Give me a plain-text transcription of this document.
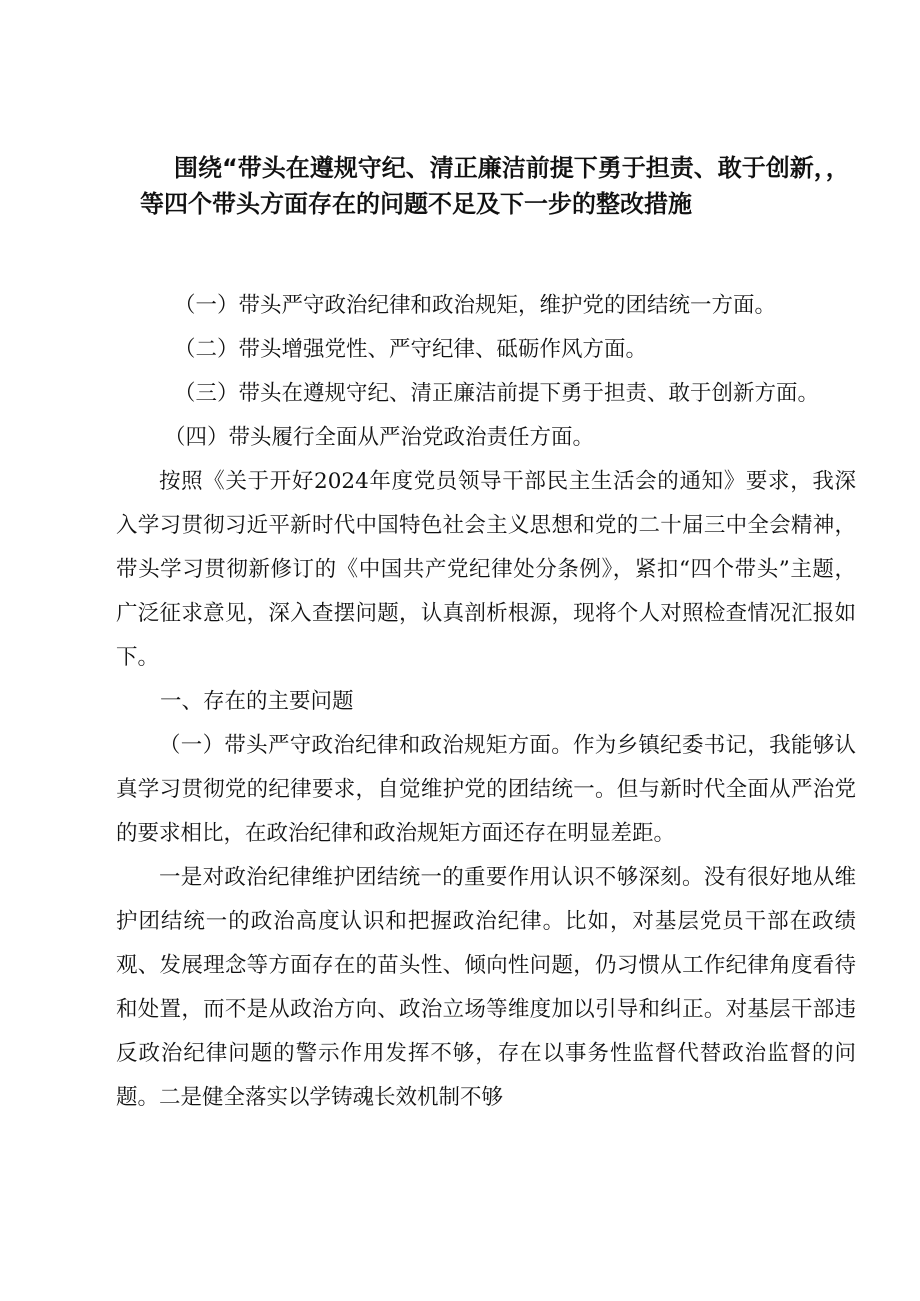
围绕“带头在遵规守纪、清正廉洁前提下勇于担责、敢于创新，，
等四个带头方面存在的问题不足及下一步的整改措施

（一）带头严守政治纪律和政治规矩，维护党的团结统一方面。

（二）带头增强党性、严守纪律、砥砺作风方面。

（三）带头在遵规守纪、清正廉洁前提下勇于担责、敢于创新方面。

（四）带头履行全面从严治党政治责任方面。

按照《关于开好2024年度党员领导干部民主生活会的通知》要求，我深入学习贯彻习近平新时代中国特色社会主义思想和党的二十届三中全会精神，带头学习贯彻新修订的《中国共产党纪律处分条例》，紧扣“四个带头”主题，广泛征求意见，深入查摆问题，认真剖析根源，现将个人对照检查情况汇报如下。

一、存在的主要问题

（一）带头严守政治纪律和政治规矩方面。作为乡镇纪委书记，我能够认真学习贯彻党的纪律要求，自觉维护党的团结统一。但与新时代全面从严治党的要求相比，在政治纪律和政治规矩方面还存在明显差距。

一是对政治纪律维护团结统一的重要作用认识不够深刻。没有很好地从维护团结统一的政治高度认识和把握政治纪律。比如，对基层党员干部在政绩观、发展理念等方面存在的苗头性、倾向性问题，仍习惯从工作纪律角度看待和处置，而不是从政治方向、政治立场等维度加以引导和纠正。对基层干部违反政治纪律问题的警示作用发挥不够，存在以事务性监督代替政治监督的问题。二是健全落实以学铸魂长效机制不够
